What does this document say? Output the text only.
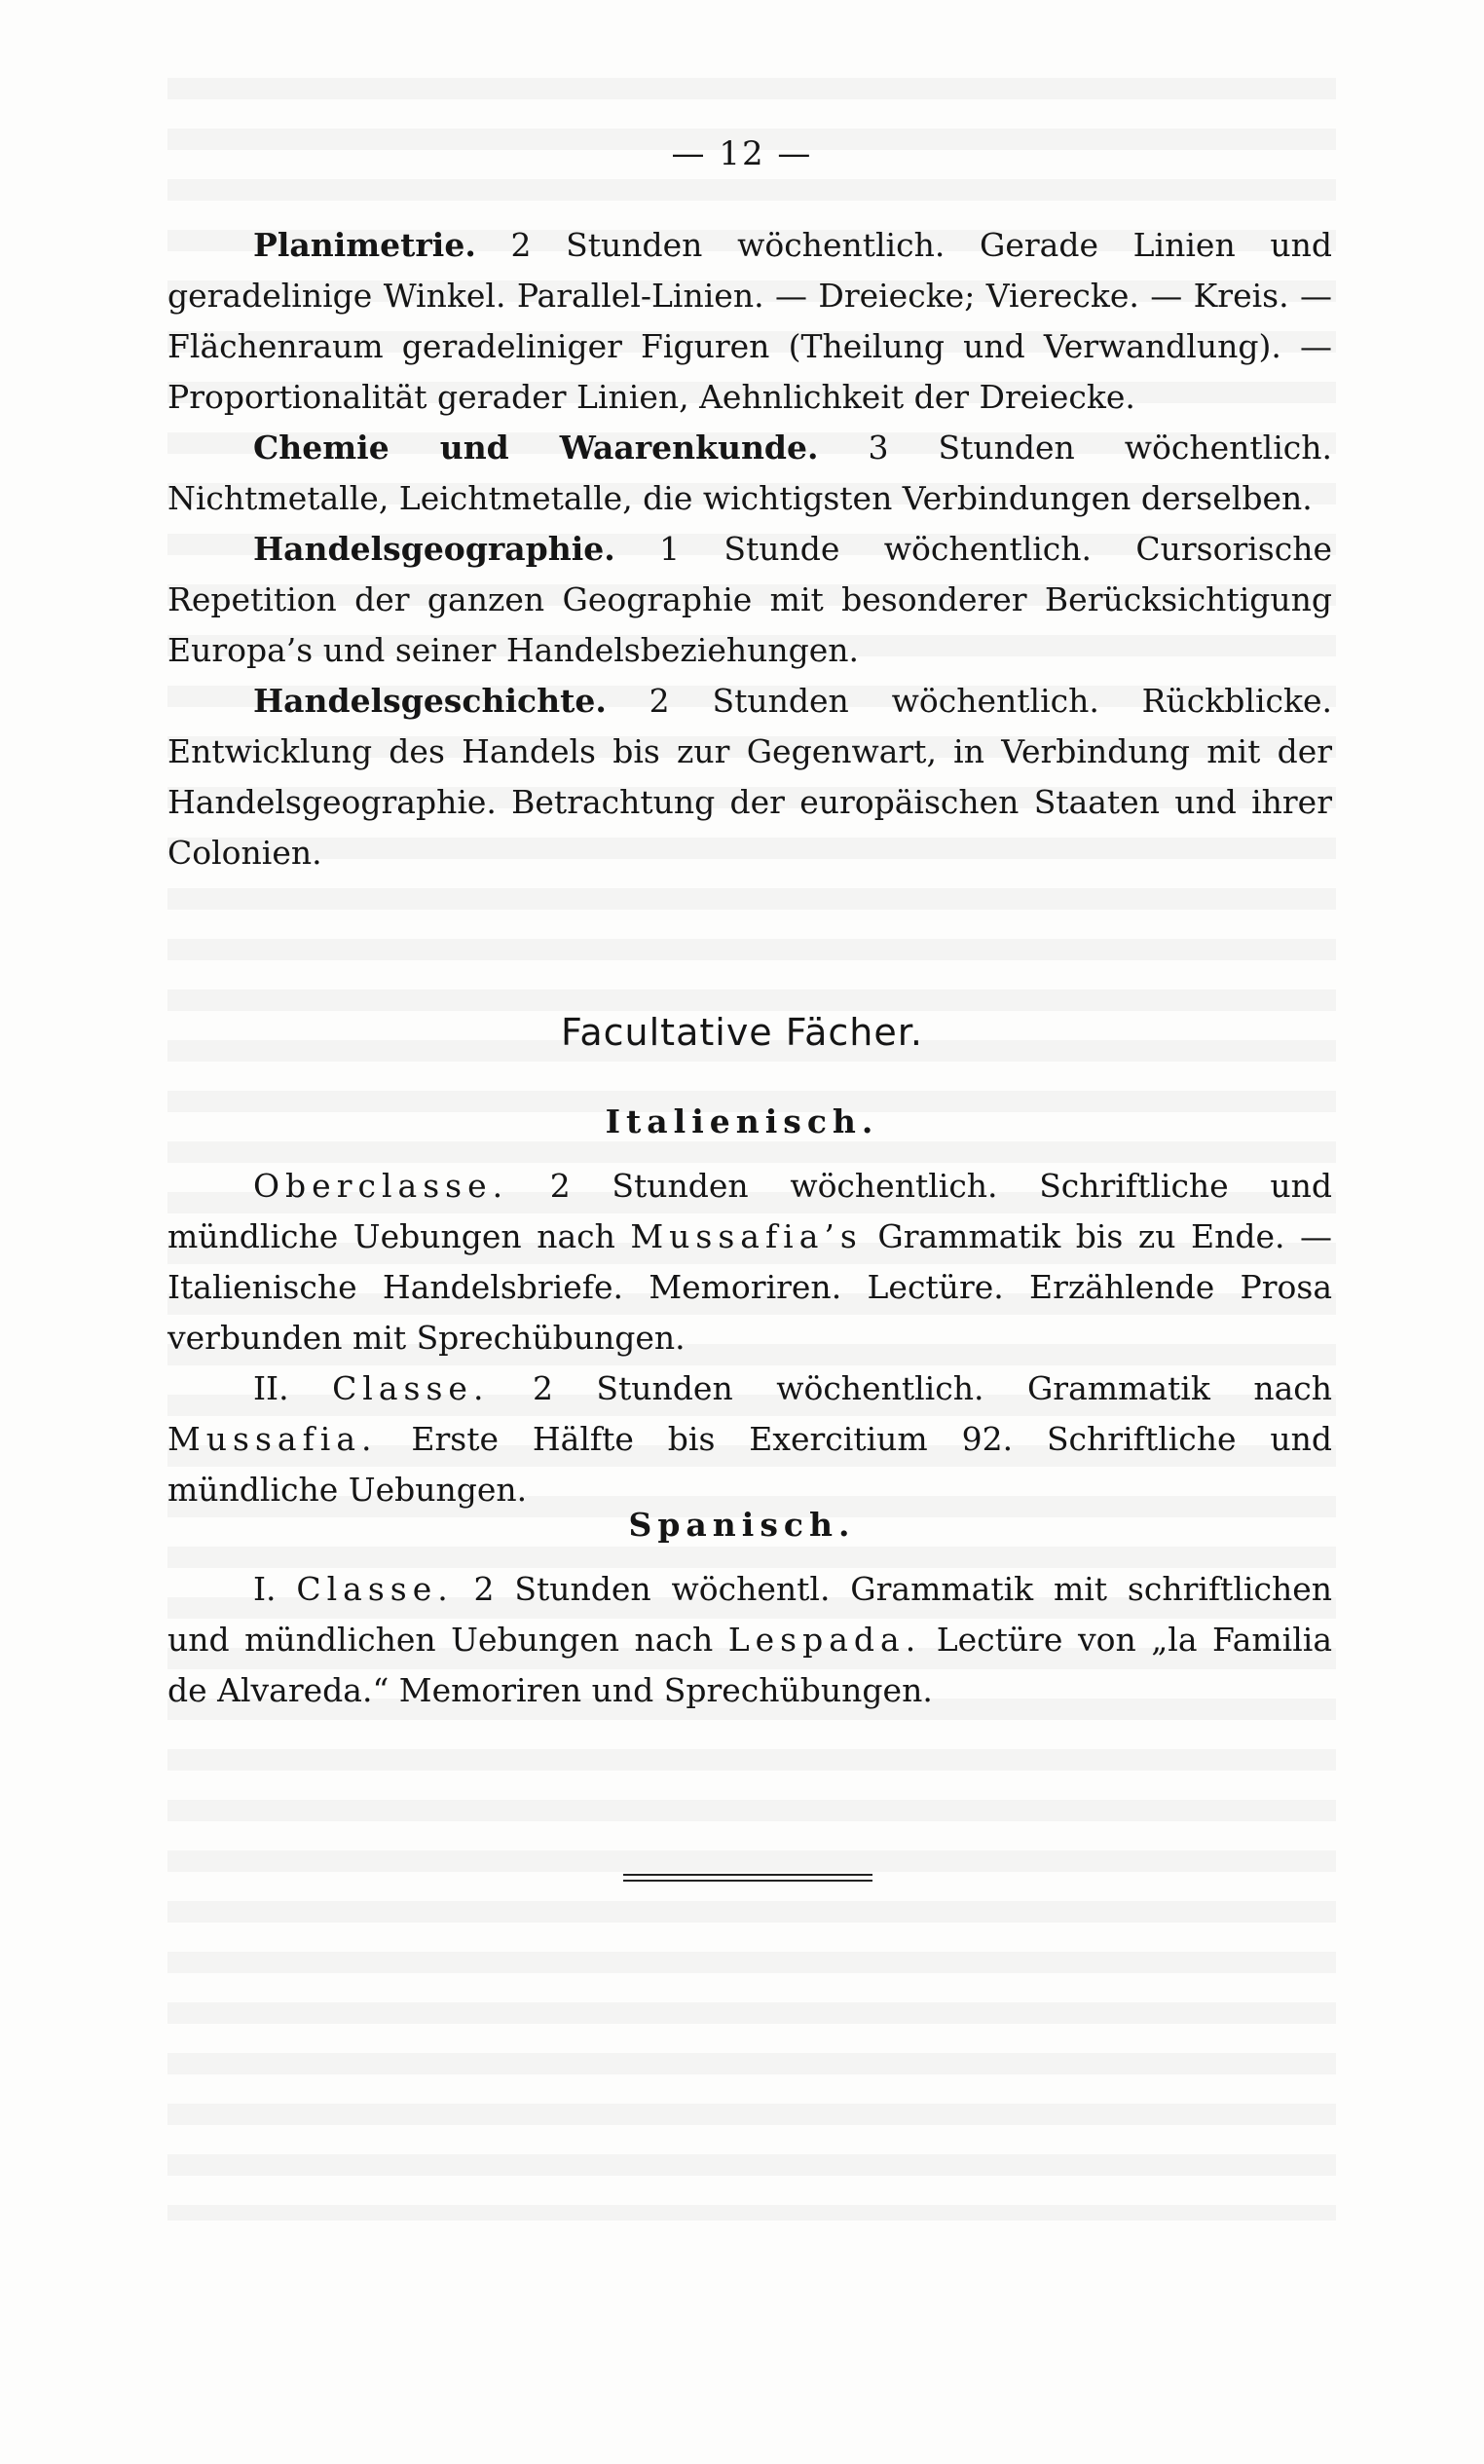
— 12 —

Planimetrie. 2 Stunden wöchentlich. Gerade Linien und geradelinige Winkel. Parallel-Linien. — Dreiecke; Vierecke. — Kreis. — Flächenraum geradeliniger Figuren (Theilung und Verwandlung). — Proportionalität gerader Linien, Aehnlichkeit der Dreiecke.

Chemie und Waarenkunde. 3 Stunden wöchentlich. Nichtmetalle, Leichtmetalle, die wichtigsten Verbindungen derselben.

Handelsgeographie. 1 Stunde wöchentlich. Cursorische Repetition der ganzen Geographie mit besonderer Berücksichtigung Europa’s und seiner Handelsbeziehungen.

Handelsgeschichte. 2 Stunden wöchentlich. Rückblicke. Entwicklung des Handels bis zur Gegenwart, in Verbindung mit der Handelsgeographie. Betrachtung der europäischen Staaten und ihrer Colonien.

Facultative Fächer.
Italienisch.

Oberclasse. 2 Stunden wöchentlich. Schriftliche und mündliche Uebungen nach Mussafia’s Grammatik bis zu Ende. — Italienische Handelsbriefe. Memoriren. Lectüre. Erzählende Prosa verbunden mit Sprechübungen.

II. Classe. 2 Stunden wöchentlich. Grammatik nach Mussafia. Erste Hälfte bis Exercitium 92. Schriftliche und mündliche Uebungen.

Spanisch.

I. Classe. 2 Stunden wöchentl. Grammatik mit schriftlichen und mündlichen Uebungen nach Lespada. Lectüre von „la Familia de Alvareda.“ Memoriren und Sprechübungen.
